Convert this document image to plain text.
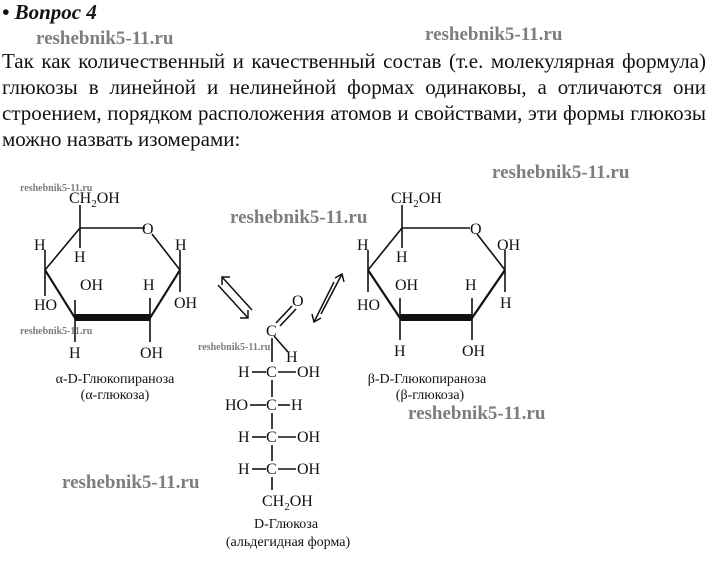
• Вопрос 4
Так как количественный и качественный состав (т.е. молекулярная формула) глюкозы в линейной и нелинейной формах одинаковы, а отличаются они строением, порядком расположения атомов и свойствами, эти формы глюкозы можно назвать изомерами:
$CH_2OH$
O
H
H
H
HO
OH H
OH
H	OH
α-D-Глюкопираноза
(α-глюкоза)
O
C
H
H C OH
HO C H
H C OH
H C OH
$CH_2OH$
D-Глюкоза
(альдегидная форма)
$CH_2OH$
O
H
H
OH
HO
OH	H
H
H	OH
β-D-Глюкопираноза
(β-глюкоза)
reshebnik5-11.ru	reshebnik5-11.ru
reshebnik5-11.ru
reshebnik5-11.ru
reshebnik5-11.ru
reshebnik5-11.ru
reshebnik5-11.ru
reshebnik5-11.ru
reshebnik5-11.ru
